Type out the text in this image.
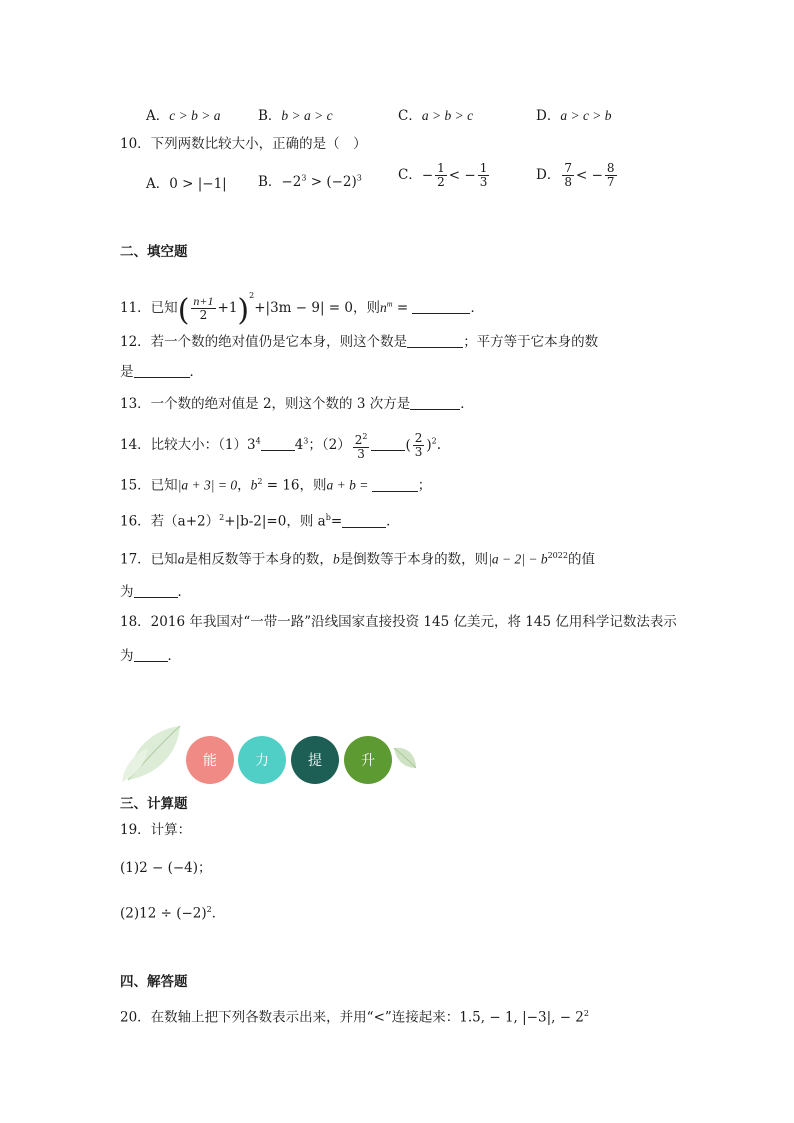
A．c > b > a	B．b > a > c	C．a > b > c	D．a > c > b
10．下列两数比较大小，正确的是（　）
A．0 > |−1| B．$-2^3 > (-2)^3$	C．− $\frac{1}{2}$ < − $\frac{1}{3}$	D． $\frac{7}{8}$ < − $\frac{8}{7}$
二、填空题
11．已知( $\frac{n+1}{2} +1)^2+|3m - 9| = 0$，则$n^m$ =	．
12．若一个数的绝对值仍是它本身，则这个数是	；平方等于它本身的数
是	．
13．一个数的绝对值是 2，则这个数的 3 次方是	．
14．比较大小：$(1)3^4$	$4^3$；$(2) \frac{2^2}{3}$	( $\frac{2}{3} )^2$.
15．已知|a + 3| = 0，$b^2 = 16$，则a + b =	；
16．若$(a+2)^2+|b-2|=0$，则 $a^b=$	．
17．已知a是相反数等于本身的数，b是倒数等于本身的数，则$|a - 2| - b^{2022}$的值
为	．
18．2016 年我国对“一带一路”沿线国家直接投资 145 亿美元，将 145 亿用科学记数法表示
为	．
能	力	提	升
三、计算题
19．计算：
(1)2 − (−4)；
$(2)12 \div (-2)^2$．
四、解答题
20．在数轴上把下列各数表示出来，并用“<”连接起来：1.5, − 1, |−3|, − $2^2$
